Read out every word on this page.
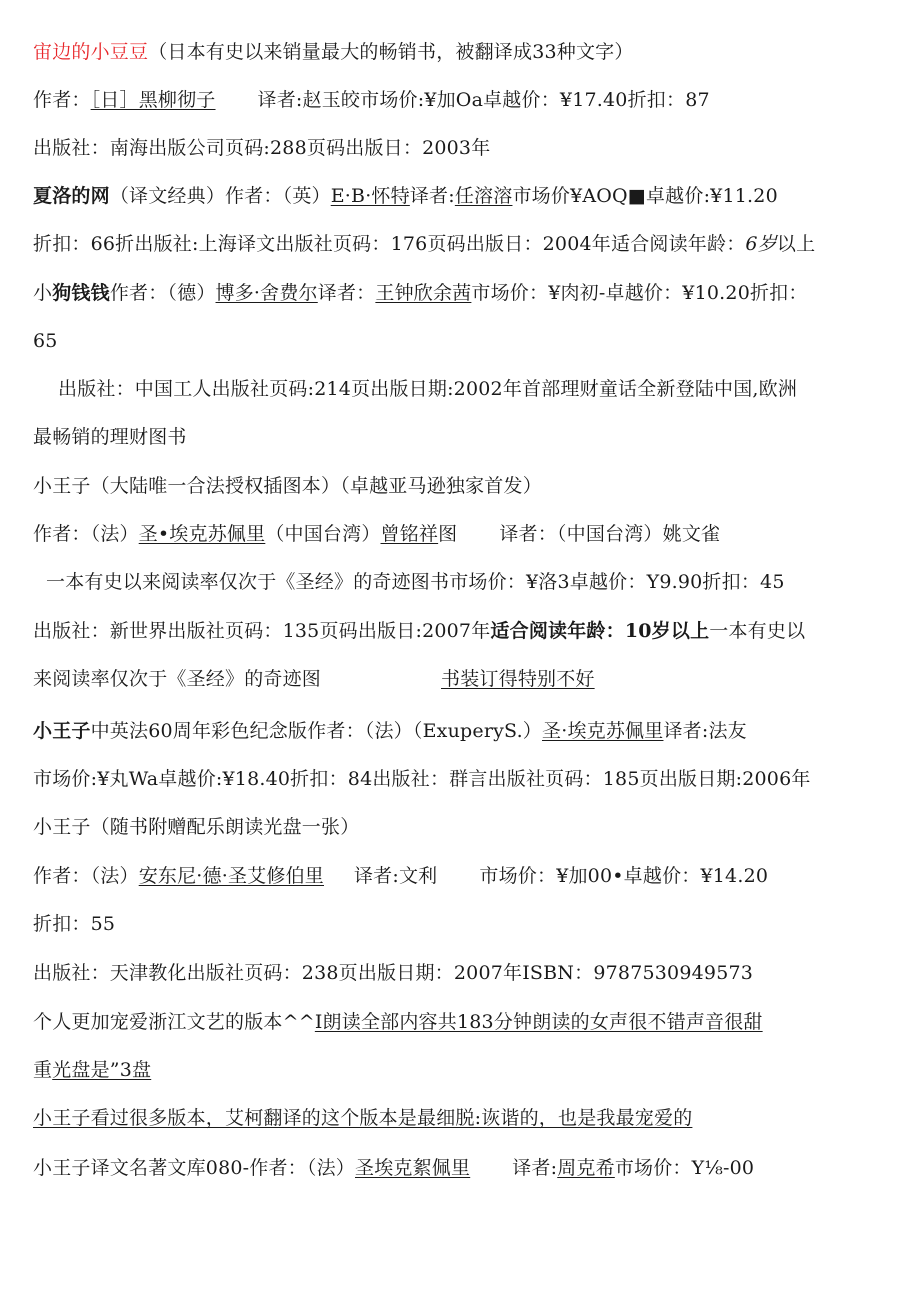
宙边的小豆豆（日本有史以来销量最大的畅销书，被翻译成33种文字）
作者：［日］黑柳彻子 译者:赵玉皎市场价:¥加Oa卓越价：¥17.40折扣：87
出版社：南海出版公司页码:288页码出版日：2003年
夏洛的网（译文经典）作者：（英）E·B·怀特译者:任溶溶市场价¥AOQ■卓越价:¥11.20
折扣：66折出版社:上海译文出版社页码：176页码出版日：2004年适合阅读年龄：6岁以上
小狗钱钱作者：（德）博多·舍费尔译者：王钟欣余茜市场价：¥肉初-卓越价：¥10.20折扣：
65
出版社：中国工人出版社页码:214页出版日期:2002年首部理财童话全新登陆中国,欧洲
最畅销的理财图书
小王子（大陆唯一合法授权插图本）（卓越亚马逊独家首发）
作者：（法）圣•埃克苏佩里（中国台湾）曾铭祥图 译者：（中国台湾）姚文雀
一本有史以来阅读率仅次于《圣经》的奇迹图书市场价：¥洛3卓越价：Y9.90折扣：45
出版社：新世界出版社页码：135页码出版日:2007年适合阅读年龄：10岁以上一本有史以
来阅读率仅次于《圣经》的奇迹图	书装订得特别不好
小王子中英法60周年彩色纪念版作者：（法）（ExuperyS.）圣·埃克苏佩里译者:法友
市场价:¥丸Wa卓越价:¥18.40折扣：84出版社：群言出版社页码：185页出版日期:2006年
小王子（随书附赠配乐朗读光盘一张）
作者：（法）安东尼·德·圣艾修伯里 译者:文利 市场价：¥加00•卓越价：¥14.20
折扣：55
出版社：天津教化出版社页码：238页出版日期：2007年ISBN：9787530949573
个人更加宠爱浙江文艺的版本^^I朗读全部内容共183分钟朗读的女声很不错声音很甜
重光盘是”3盘
小王子看过很多版本，艾柯翻译的这个版本是最细脱:诙谐的，也是我最宠爱的
小王子译文名著文库080-作者：（法）圣埃克絮佩里 译者:周克希市场价：Y⅛-00
